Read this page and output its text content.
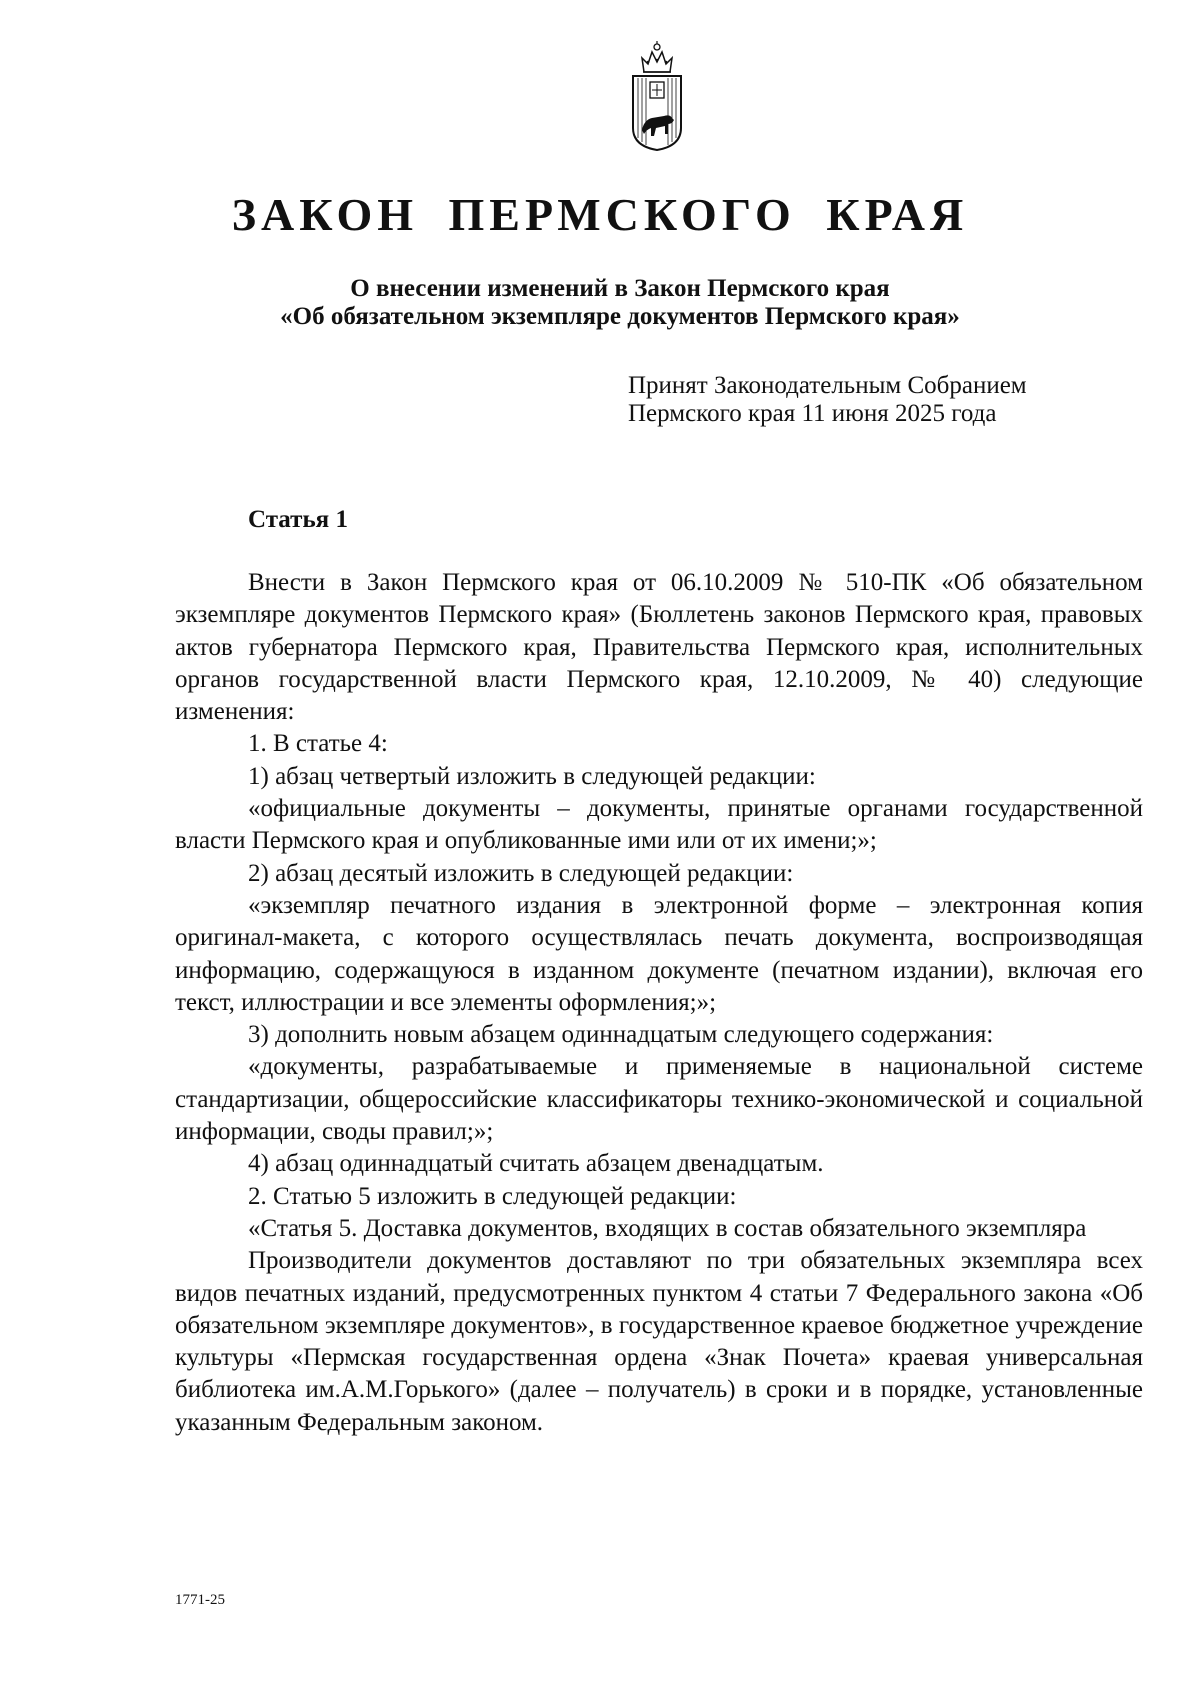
ЗАКОН ПЕРМСКОГО КРАЯ
О внесении изменений в Закон Пермского края
«Об обязательном экземпляре документов Пермского края»
Принят Законодательным Собранием
Пермского края 11 июня 2025 года
Статья 1

Внести в Закон Пермского края от 06.10.2009 № 510-ПК «Об обязательном экземпляре документов Пермского края» (Бюллетень законов Пермского края, правовых актов губернатора Пермского края, Правительства Пермского края, исполнительных органов государственной власти Пермского края, 12.10.2009, № 40) следующие изменения:

1. В статье 4:

1) абзац четвертый изложить в следующей редакции:

«официальные документы – документы, принятые органами государственной власти Пермского края и опубликованные ими или от их имени;»;

2) абзац десятый изложить в следующей редакции:

«экземпляр печатного издания в электронной форме – электронная копия оригинал-макета, с которого осуществлялась печать документа, воспроизводящая информацию, содержащуюся в изданном документе (печатном издании), включая его текст, иллюстрации и все элементы оформления;»;

3) дополнить новым абзацем одиннадцатым следующего содержания:

«документы, разрабатываемые и применяемые в национальной системе стандартизации, общероссийские классификаторы технико-экономической и социальной информации, своды правил;»;

4) абзац одиннадцатый считать абзацем двенадцатым.

2. Статью 5 изложить в следующей редакции:

«Статья 5. Доставка документов, входящих в состав обязательного экземпляра

Производители документов доставляют по три обязательных экземпляра всех видов печатных изданий, предусмотренных пунктом 4 статьи 7 Федерального закона «Об обязательном экземпляре документов», в государственное краевое бюджетное учреждение культуры «Пермская государственная ордена «Знак Почета» краевая универсальная библиотека им.А.М.Горького» (далее – получатель) в сроки и в порядке, установленные указанным Федеральным законом.

1771-25
